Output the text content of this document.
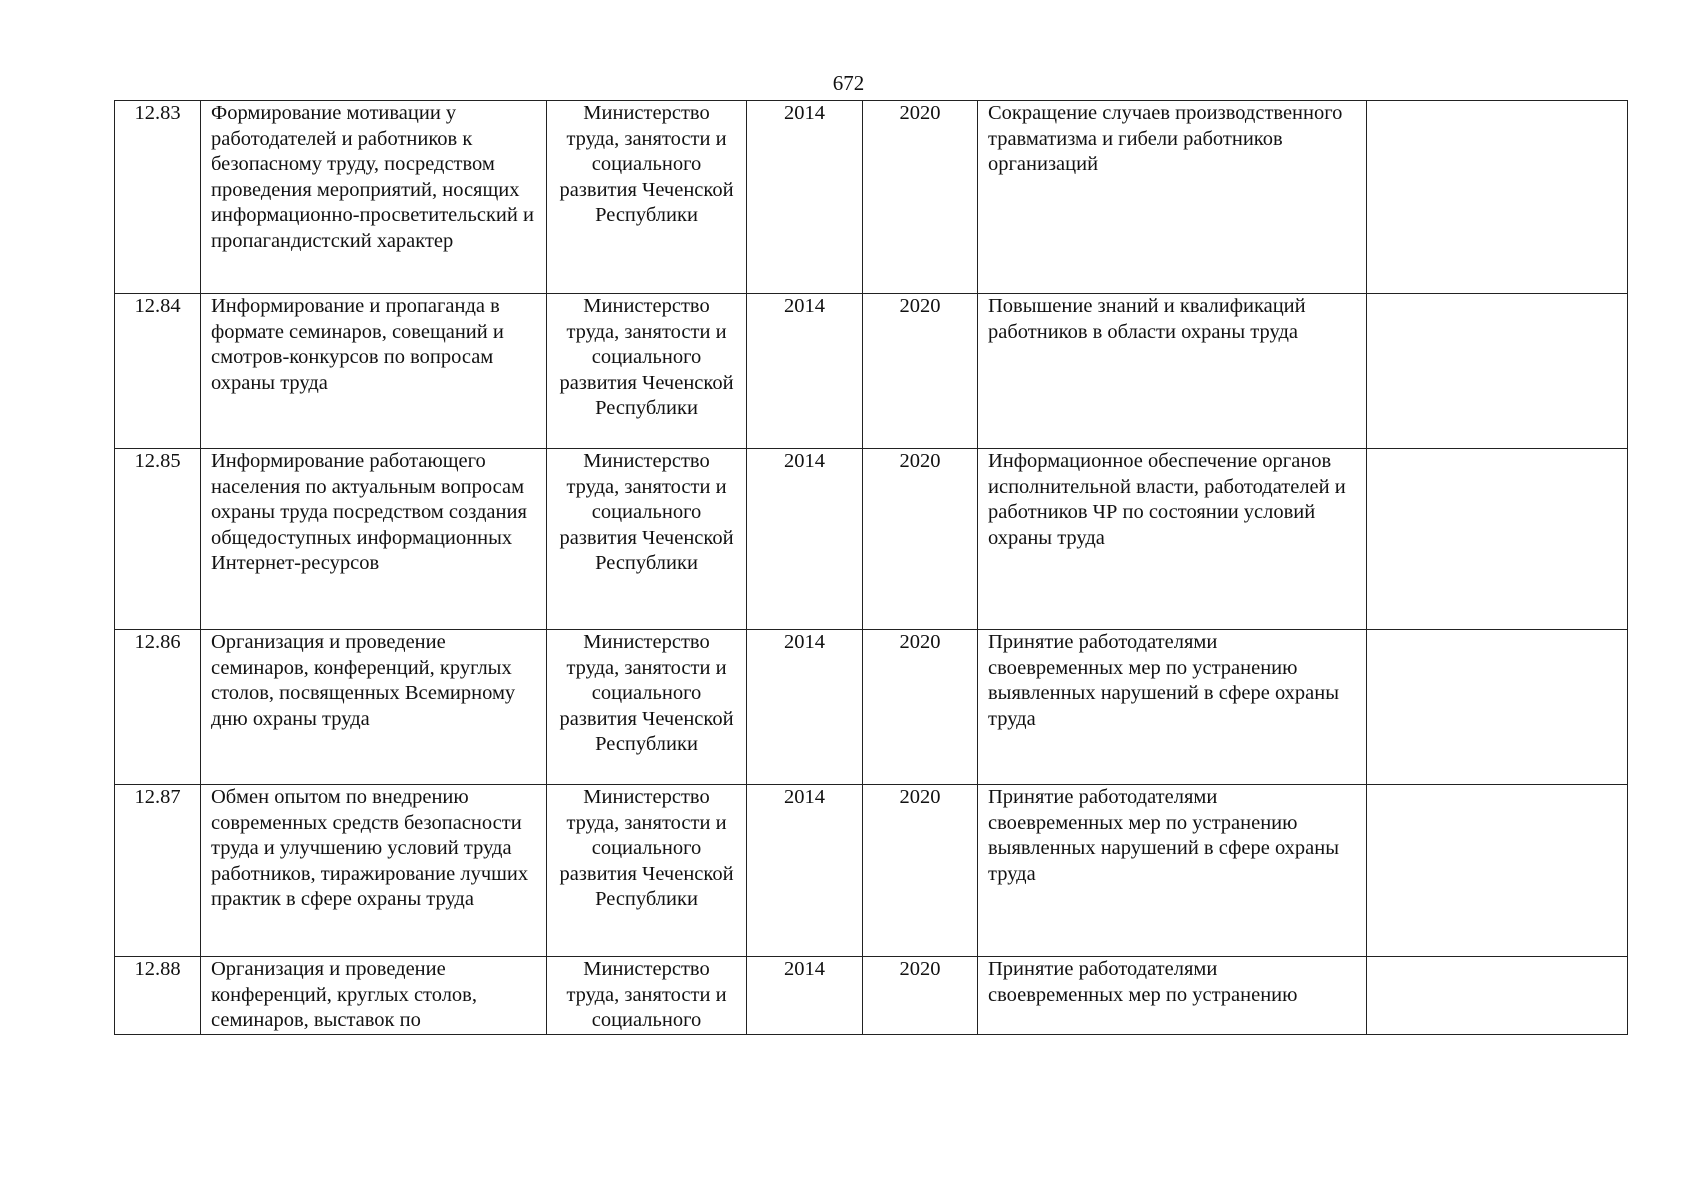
672
12.83	Формирование мотивации у работодателей и работников к безопасному труду, посредством проведения мероприятий, носящих информационно-просветительский и пропагандистский характер	Министерство труда, занятости и социального развития Чеченской Республики	2014	2020	Сокращение случаев производственного травматизма и гибели работников организаций	
12.84	Информирование и пропаганда в формате семинаров, совещаний и смотров-конкурсов по вопросам охраны труда	Министерство труда, занятости и социального развития Чеченской Республики	2014	2020	Повышение знаний и квалификаций работников в области охраны труда	
12.85	Информирование работающего населения по актуальным вопросам охраны труда посредством создания общедоступных информационных Интернет-ресурсов	Министерство труда, занятости и социального развития Чеченской Республики	2014	2020	Информационное обеспечение органов исполнительной власти, работодателей и работников ЧР по состоянии условий охраны труда	
12.86	Организация и проведение семинаров, конференций, круглых столов, посвященных Всемирному дню охраны труда	Министерство труда, занятости и социального развития Чеченской Республики	2014	2020	Принятие работодателями своевременных мер по устранению выявленных нарушений в сфере охраны труда	
12.87	Обмен опытом по внедрению современных средств безопасности труда и улучшению условий труда работников, тиражирование лучших практик в сфере охраны труда	Министерство труда, занятости и социального развития Чеченской Республики	2014	2020	Принятие работодателями своевременных мер по устранению выявленных нарушений в сфере охраны труда	
12.88	Организация и проведение конференций, круглых столов, семинаров, выставок по	Министерство труда, занятости и социального	2014	2020	Принятие работодателями своевременных мер по устранению	
